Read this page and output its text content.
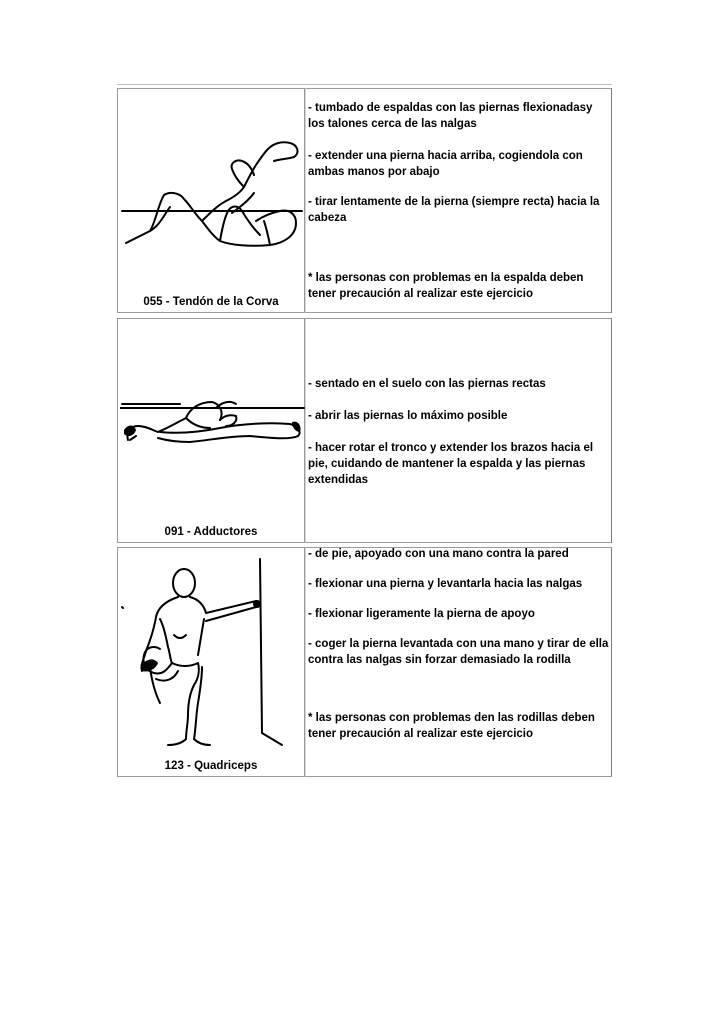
055 - Tendón de la Corva

- tumbado de espaldas con las piernas flexionadasy los talones cerca de las nalgas

- extender una pierna hacia arriba, cogiendola con ambas manos por abajo

- tirar lentamente de la pierna (siempre recta) hacia la cabeza

* las personas con problemas en la espalda deben tener precaución al realizar este ejercicio

091 - Adductores

- sentado en el suelo con las piernas rectas

- abrir las piernas lo máximo posible

- hacer rotar el tronco y extender los brazos hacia el pie, cuidando de mantener la espalda y las piernas extendidas

123 - Quadriceps

- de pie, apoyado con una mano contra la pared

- flexionar una pierna y levantarla hacia las nalgas

- flexionar ligeramente la pierna de apoyo

- coger la pierna levantada con una mano y tirar de ella contra las nalgas sin forzar demasiado la rodilla

* las personas con problemas den las rodillas deben tener precaución al realizar este ejercicio
